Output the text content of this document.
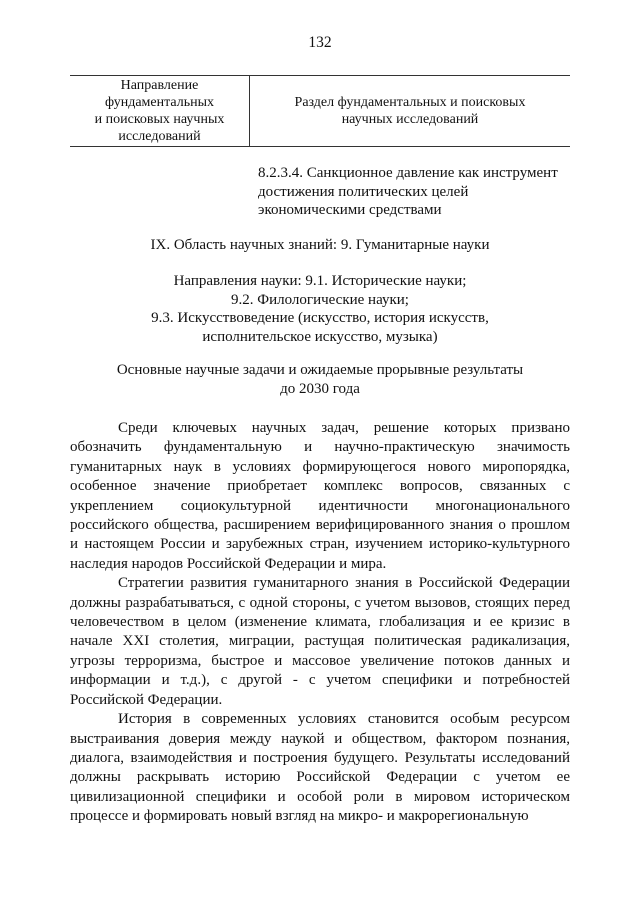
132
Направление
фундаментальных
и поисковых научных
исследований
Раздел фундаментальных и поисковых
научных исследований
8.2.3.4. Санкционное давление как инструмент
достижения политических целей
экономическими средствами
IX. Область научных знаний: 9. Гуманитарные науки
Направления науки: 9.1. Исторические науки;
9.2. Филологические науки;
9.3. Искусствоведение (искусство, история искусств,
исполнительское искусство, музыка)
Основные научные задачи и ожидаемые прорывные результаты
до 2030 года

Среди ключевых научных задач, решение которых призвано обозначить фундаментальную и научно-практическую значимость гуманитарных наук в условиях формирующегося нового миропорядка, особенное значение приобретает комплекс вопросов, связанных с укреплением социокультурной идентичности многонационального российского общества, расширением верифицированного знания о прошлом и настоящем России и зарубежных стран, изучением историко-культурного наследия народов Российской Федерации и мира.

Стратегии развития гуманитарного знания в Российской Федерации должны разрабатываться, с одной стороны, с учетом вызовов, стоящих перед человечеством в целом (изменение климата, глобализация и ее кризис в начале XXI столетия, миграции, растущая политическая радикализация, угрозы терроризма, быстрое и массовое увеличение потоков данных и информации и т.д.), с другой - с учетом специфики и потребностей Российской Федерации.

История в современных условиях становится особым ресурсом выстраивания доверия между наукой и обществом, фактором познания, диалога, взаимодействия и построения будущего. Результаты исследований должны раскрывать историю Российской Федерации с учетом ее цивилизационной специфики и особой роли в мировом историческом процессе и формировать новый взгляд на микро- и макрорегиональную
